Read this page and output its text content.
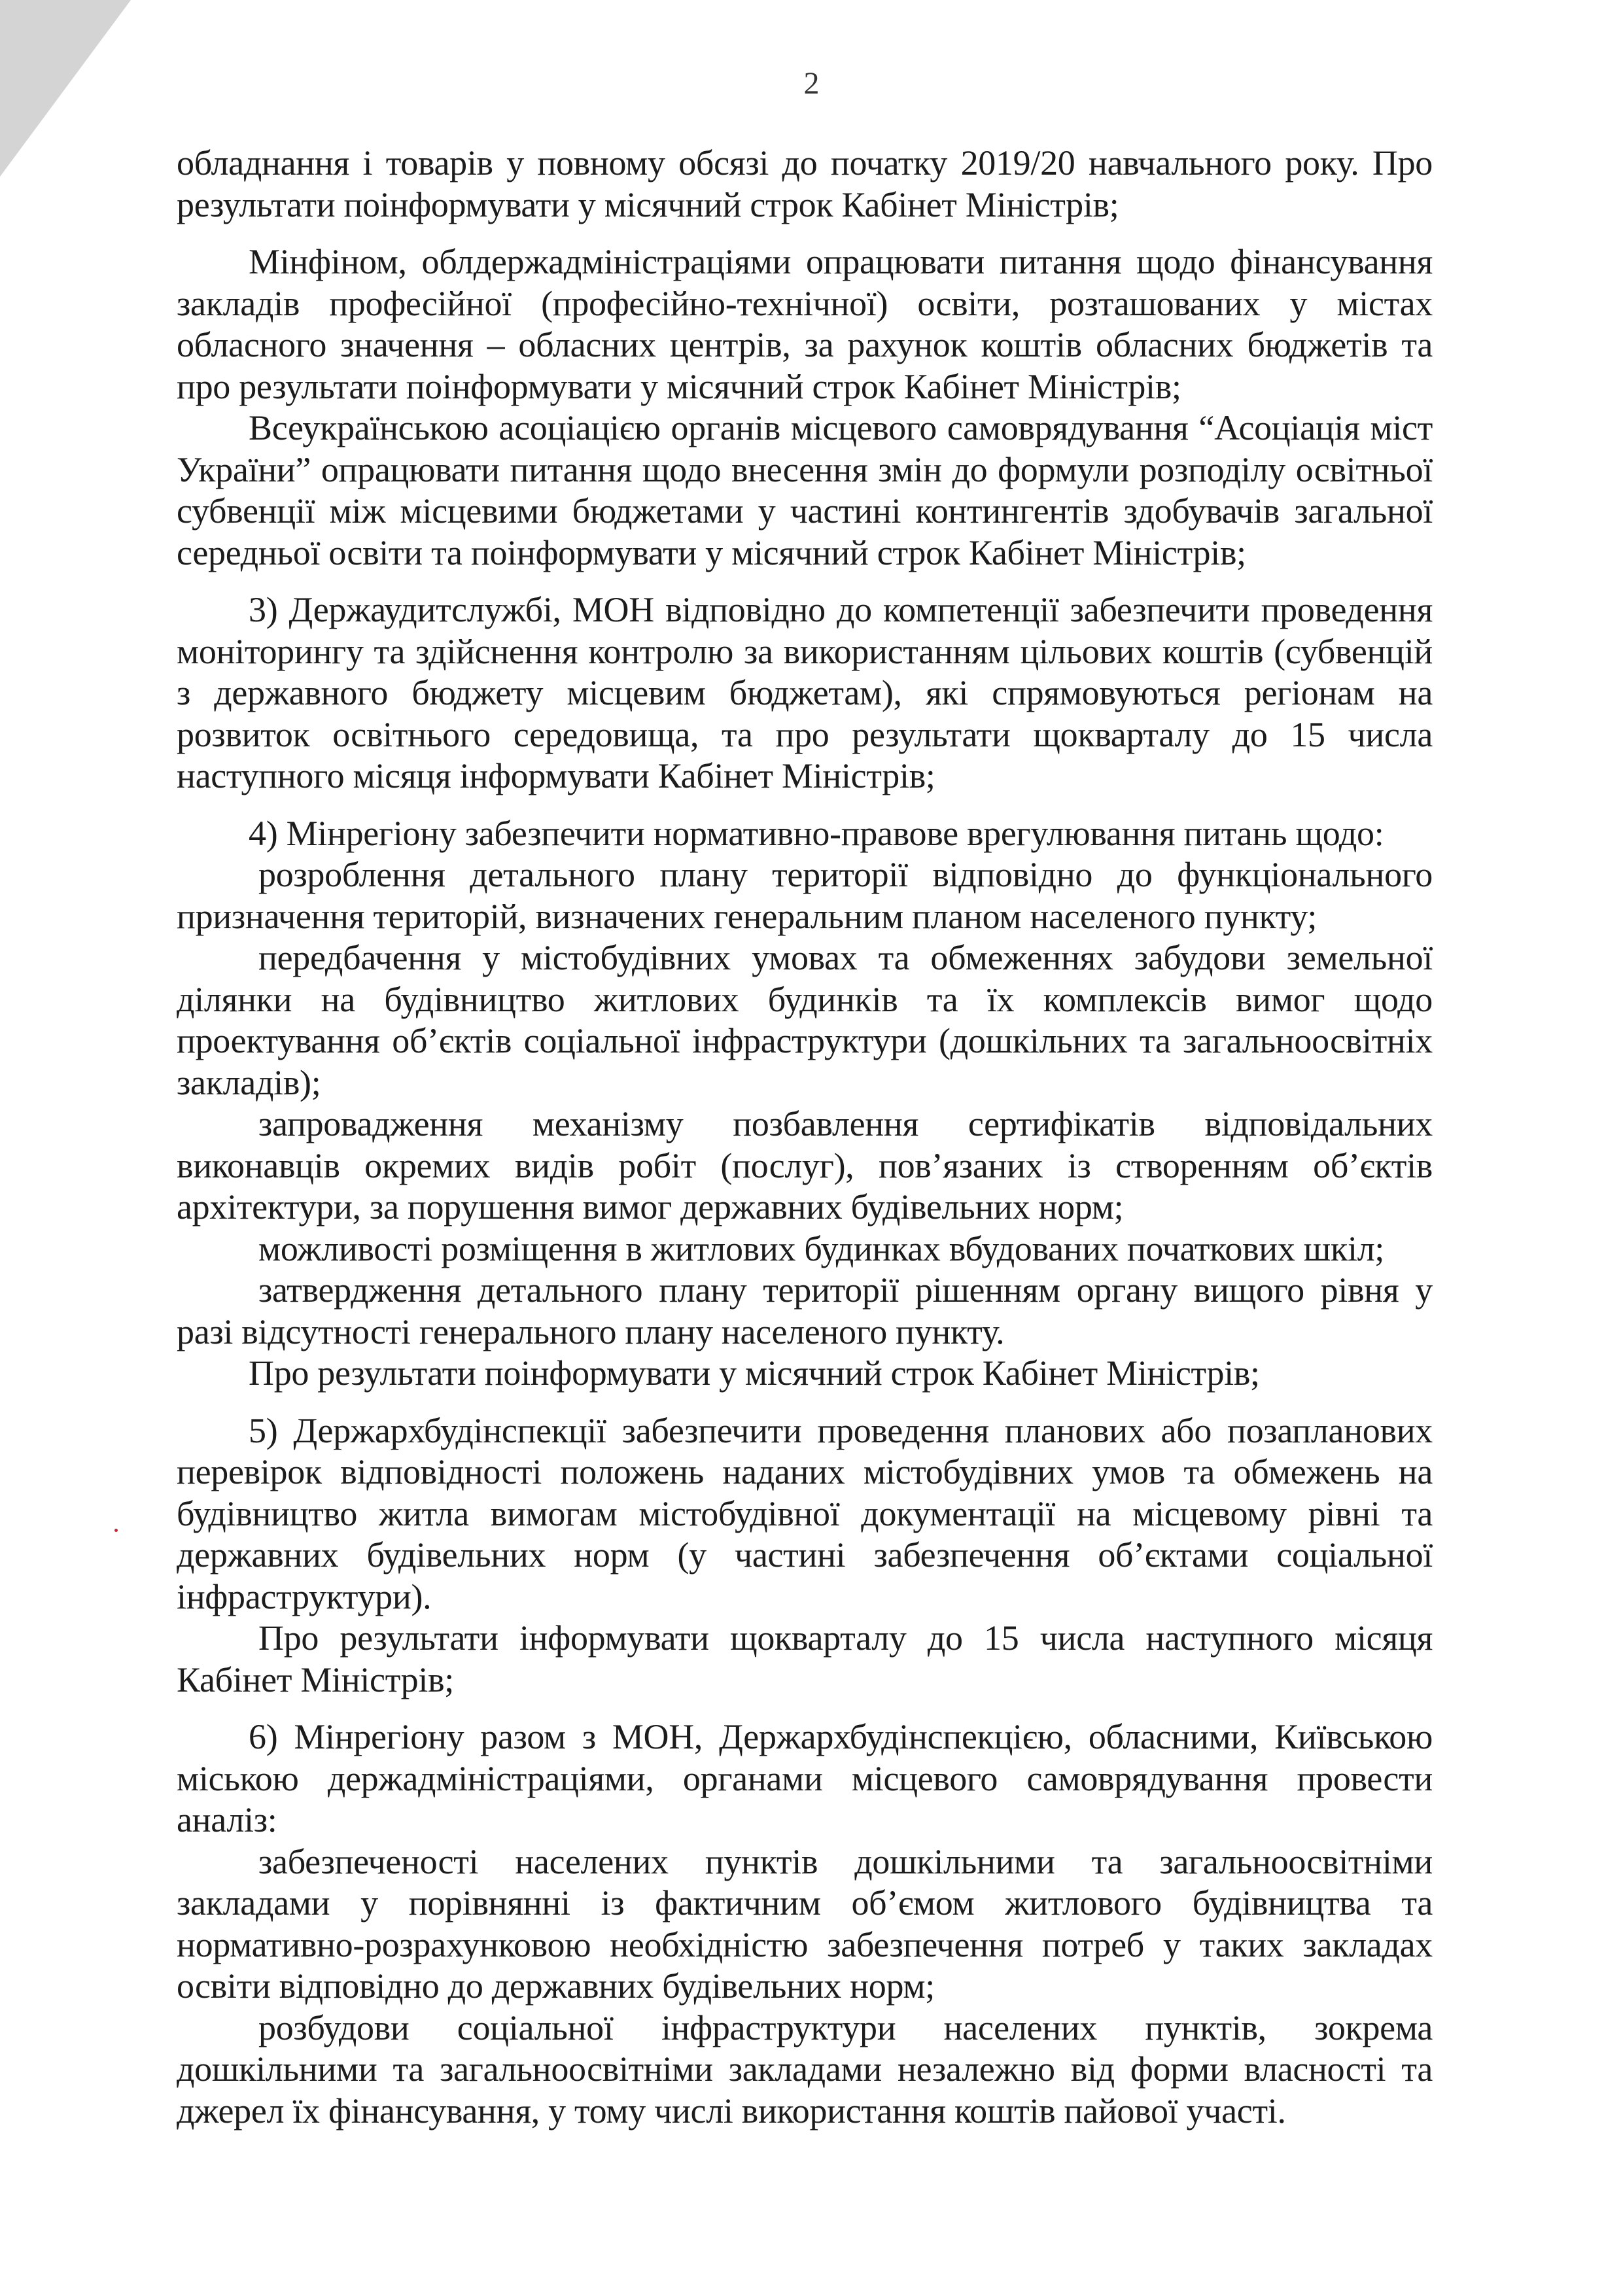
2

обладнання і товарів у повному обсязі до початку 2019/20 навчального року. Про результати поінформувати у місячний строк Кабінет Міністрів;

Мінфіном, облдержадміністраціями опрацювати питання щодо фінансування закладів професійної (професійно-технічної) освіти, розташованих у містах обласного значення – обласних центрів, за рахунок коштів обласних бюджетів та про результати поінформувати у місячний строк Кабінет Міністрів;

Всеукраїнською асоціацією органів місцевого самоврядування “Асоціація міст України” опрацювати питання щодо внесення змін до формули розподілу освітньої субвенції між місцевими бюджетами у частині контингентів здобувачів загальної середньої освіти та поінформувати у місячний строк Кабінет Міністрів;

3) Держаудитслужбі, МОН відповідно до компетенції забезпечити проведення моніторингу та здійснення контролю за використанням цільових коштів (субвенцій з державного бюджету місцевим бюджетам), які спрямовуються регіонам на розвиток освітнього середовища, та про результати щокварталу до 15 числа наступного місяця інформувати Кабінет Міністрів;

4) Мінрегіону забезпечити нормативно-правове врегулювання питань щодо:

розроблення детального плану території відповідно до функціонального призначення територій, визначених генеральним планом населеного пункту;

передбачення у містобудівних умовах та обмеженнях забудови земельної ділянки на будівництво житлових будинків та їх комплексів вимог щодо проектування об’єктів соціальної інфраструктури (дошкільних та загальноосвітніх закладів);

запровадження механізму позбавлення сертифікатів відповідальних виконавців окремих видів робіт (послуг), пов’язаних із створенням об’єктів архітектури, за порушення вимог державних будівельних норм;

можливості розміщення в житлових будинках вбудованих початкових шкіл;

затвердження детального плану території рішенням органу вищого рівня у разі відсутності генерального плану населеного пункту.

Про результати поінформувати у місячний строк Кабінет Міністрів;

5) Держархбудінспекції забезпечити проведення планових або позапланових перевірок відповідності положень наданих містобудівних умов та обмежень на будівництво житла вимогам містобудівної документації на місцевому рівні та державних будівельних норм (у частині забезпечення об’єктами соціальної інфраструктури).

Про результати інформувати щокварталу до 15 числа наступного місяця Кабінет Міністрів;

6) Мінрегіону разом з МОН, Держархбудінспекцією, обласними, Київською міською держадміністраціями, органами місцевого самоврядування провести аналіз:

забезпеченості населених пунктів дошкільними та загальноосвітніми закладами у порівнянні із фактичним об’ємом житлового будівництва та нормативно-розрахунковою необхідністю забезпечення потреб у таких закладах освіти відповідно до державних будівельних норм;

розбудови соціальної інфраструктури населених пунктів, зокрема дошкільними та загальноосвітніми закладами незалежно від форми власності та джерел їх фінансування, у тому числі використання коштів пайової участі.
